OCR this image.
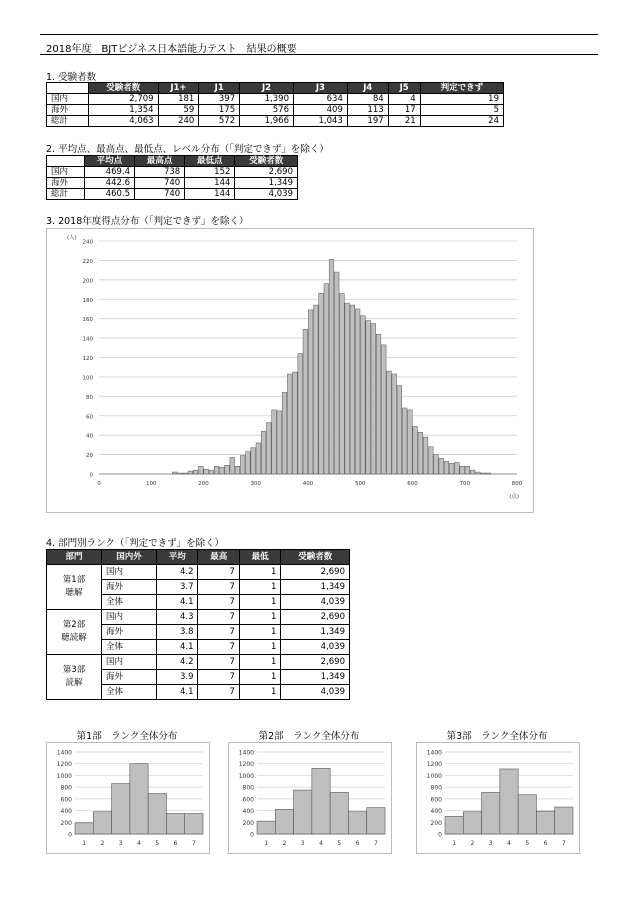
2018年度　BJTビジネス日本語能力テスト　結果の概要
1. 受験者数
	受験者数	J1+	J1	J2	J3	J4	J5	判定できず
国内	2,709	181	397	1,390	634	84	4	19
海外	1,354	59	175	576	409	113	17	5
総計	4,063	240	572	1,966	1,043	197	21	24
2. 平均点、最高点、最低点、レベル分布（「判定できず」を除く）
	平均点	最高点	最低点	受験者数
国内	469.4	738	152	2,690
海外	442.6	740	144	1,349
総計	460.5	740	144	4,039
3. 2018年度得点分布（「判定できず」を除く）
0
20
40
60
80
100
120
140
160
180
200
220
240
0	100	200	300	400	500	600	700	800
(人)
(点)
4. 部門別ランク（「判定できず」を除く）
部門	国内外	平均	最高	最低	受験者数

第1部
聴解	国内	4.2	7	1	2,690
	海外	3.7	7	1	1,349
	全体	4.1	7	1	4,039

第2部
聴読解	国内	4.3	7	1	2,690
	海外	3.8	7	1	1,349
	全体	4.1	7	1	4,039

第3部
読解	国内	4.2	7	1	2,690
	海外	3.9	7	1	1,349
	全体	4.1	7	1	4,039
第1部　ランク全体分布
0
200
400
600
800
1000
1200
1400
1 2 3 4 5 6 7
第2部　ランク全体分布
0
200
400
600
800
1000
1200
1400
1 2 3 4 5 6 7
第3部　ランク全体分布
0
200
400
600
800
1000
1200
1400
1 2 3 4 5 6 7
